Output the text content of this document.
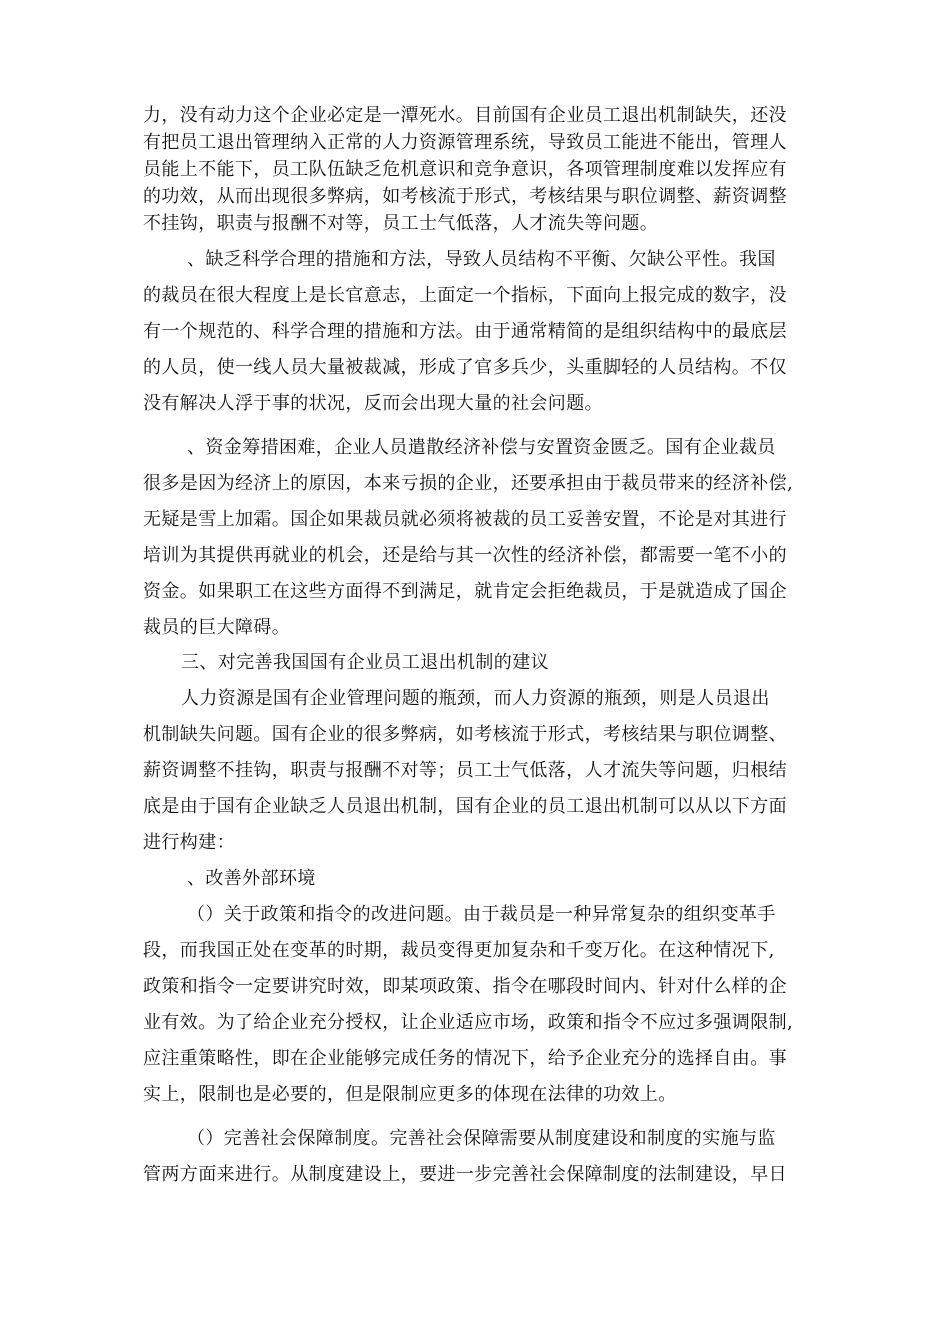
力，没有动力这个企业必定是一潭死水。目前国有企业员工退出机制缺失，还没
有把员工退出管理纳入正常的人力资源管理系统，导致员工能进不能出，管理人
员能上不能下，员工队伍缺乏危机意识和竞争意识，各项管理制度难以发挥应有
的功效，从而出现很多弊病，如考核流于形式，考核结果与职位调整、薪资调整
不挂钩，职责与报酬不对等，员工士气低落，人才流失等问题。
、缺乏科学合理的措施和方法，导致人员结构不平衡、欠缺公平性。我国
的裁员在很大程度上是长官意志，上面定一个指标，下面向上报完成的数字，没
有一个规范的、科学合理的措施和方法。由于通常精简的是组织结构中的最底层
的人员，使一线人员大量被裁减，形成了官多兵少，头重脚轻的人员结构。不仅
没有解决人浮于事的状况，反而会出现大量的社会问题。
、资金筹措困难，企业人员遣散经济补偿与安置资金匮乏。国有企业裁员
很多是因为经济上的原因，本来亏损的企业，还要承担由于裁员带来的经济补偿,
无疑是雪上加霜。国企如果裁员就必须将被裁的员工妥善安置，不论是对其进行
培训为其提供再就业的机会，还是给与其一次性的经济补偿，都需要一笔不小的
资金。如果职工在这些方面得不到满足，就肯定会拒绝裁员，于是就造成了国企
裁员的巨大障碍。
三、对完善我国国有企业员工退出机制的建议
人力资源是国有企业管理问题的瓶颈，而人力资源的瓶颈，则是人员退出
机制缺失问题。国有企业的很多弊病，如考核流于形式，考核结果与职位调整、
薪资调整不挂钩，职责与报酬不对等；员工士气低落，人才流失等问题，归根结
底是由于国有企业缺乏人员退出机制，国有企业的员工退出机制可以从以下方面
进行构建：
、改善外部环境
（）关于政策和指令的改进问题。由于裁员是一种异常复杂的组织变革手
段，而我国正处在变革的时期，裁员变得更加复杂和千变万化。在这种情况下,
政策和指令一定要讲究时效，即某项政策、指令在哪段时间内、针对什么样的企
业有效。为了给企业充分授权，让企业适应市场，政策和指令不应过多强调限制,
应注重策略性，即在企业能够完成任务的情况下，给予企业充分的选择自由。事
实上，限制也是必要的，但是限制应更多的体现在法律的功效上。
（）完善社会保障制度。完善社会保障需要从制度建设和制度的实施与监
管两方面来进行。从制度建设上，要进一步完善社会保障制度的法制建设，早日
